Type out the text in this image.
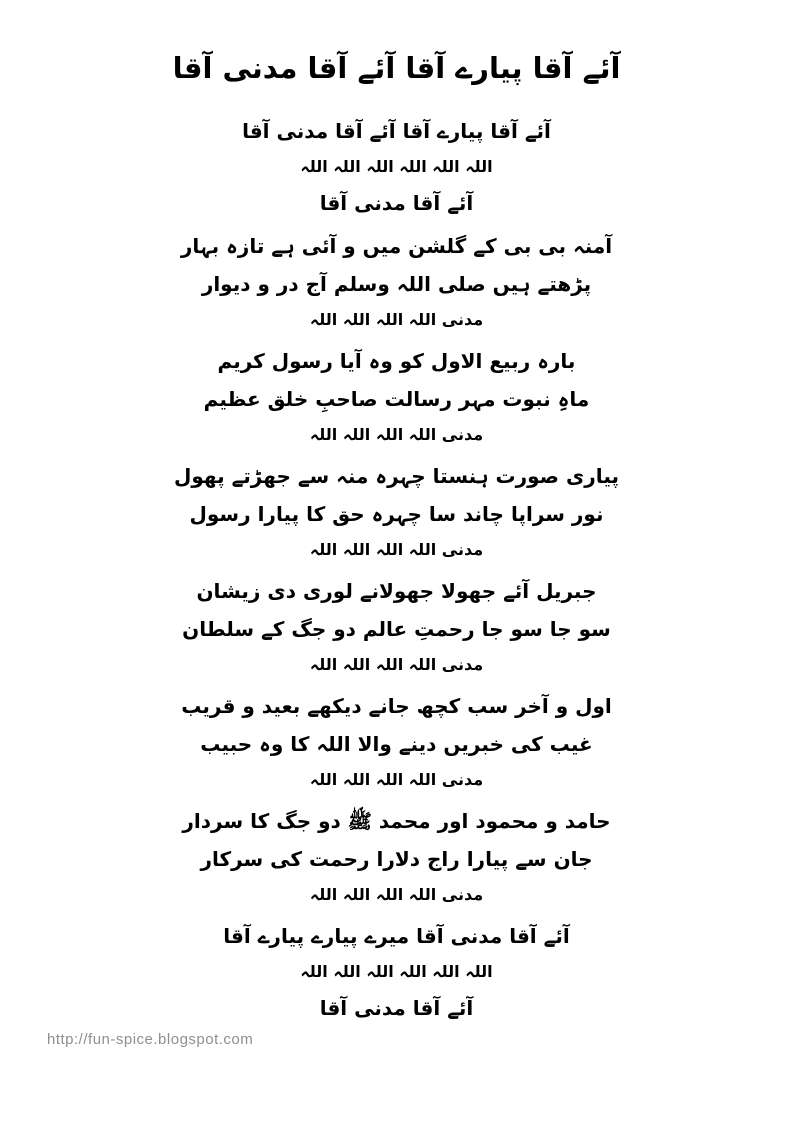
آئے آقا پیارے آقا آئے آقا مدنی آقا
آئے آقا پیارے آقا آئے آقا مدنی آقا
اللہ اللہ اللہ اللہ اللہ اللہ
آئے آقا مدنی آقا
آمنہ بی بی کے گلشن میں و آئی ہے تازہ بہار
پڑھتے ہیں صلی اللہ وسلم آج در و دیوار
مدنی اللہ اللہ اللہ اللہ
بارہ ربیع الاول کو وہ آیا رسول کریم
ماہِ نبوت مہر رسالت صاحبِ خلق عظیم
مدنی اللہ اللہ اللہ اللہ
پیاری صورت ہنستا چہرہ منہ سے جھڑتے پھول
نور سراپا چاند سا چہرہ حق کا پیارا رسول
مدنی اللہ اللہ اللہ اللہ
جبریل آئے جھولا جھولانے لوری دی زیشان
سو جا سو جا رحمتِ عالم دو جگ کے سلطان
مدنی اللہ اللہ اللہ اللہ
اول و آخر سب کچھ جانے دیکھے بعید و قریب
غیب کی خبریں دینے والا اللہ کا وہ حبیب
مدنی اللہ اللہ اللہ اللہ
حامد و محمود اور محمد ﷺ دو جگ کا سردار
جان سے پیارا راج دلارا رحمت کی سرکار
مدنی اللہ اللہ اللہ اللہ
آئے آقا مدنی آقا میرے پیارے پیارے آقا
اللہ اللہ اللہ اللہ اللہ اللہ
آئے آقا مدنی آقا
http://fun-spice.blogspot.com
